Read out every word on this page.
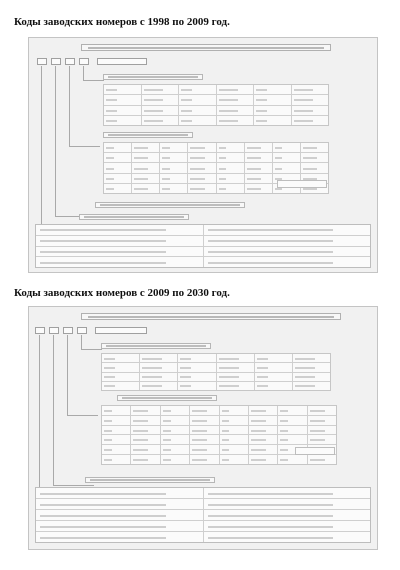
Коды заводских номеров с 1998 по 2009 год.
Коды заводских номеров с 2009 по 2030 год.
